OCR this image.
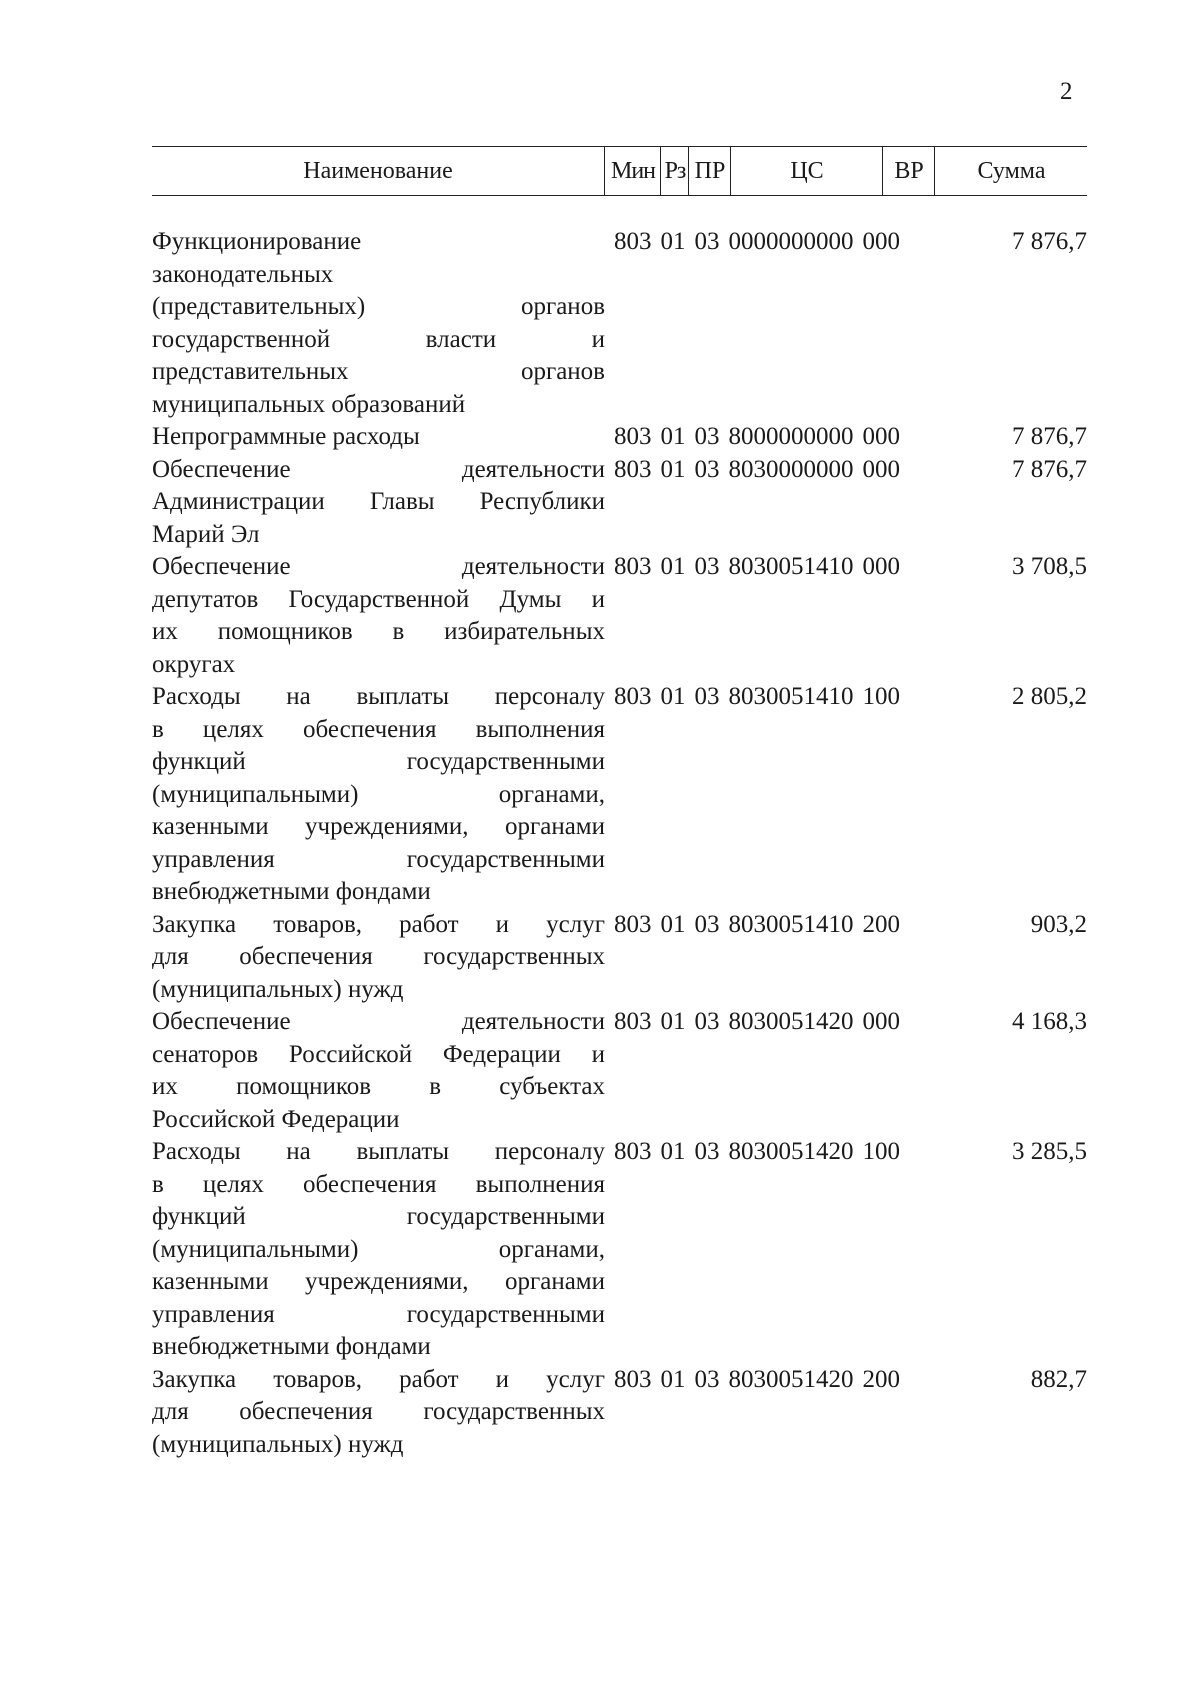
2
Наименование	Мин Рз ПР	ЦС	ВР	Сумма
Функционирование
законодательных
(представительных) органов
государственной власти и
представительных органов
муниципальных образований
803 01 03 0000000000 000	7 876,7
Непрограммные расходы	803 01 03 8000000000 000	7 876,7
Обеспечение деятельности
Администрации Главы Республики
Марий Эл
803 01 03 8030000000 000	7 876,7
Обеспечение деятельности
депутатов Государственной Думы и
их помощников в избирательных
округах
803 01 03 8030051410 000	3 708,5
Расходы на выплаты персоналу
в целях обеспечения выполнения
функций государственными
(муниципальными) органами,
казенными учреждениями, органами
управления государственными
внебюджетными фондами
803 01 03 8030051410 100	2 805,2
Закупка товаров, работ и услуг
для обеспечения государственных
(муниципальных) нужд
803 01 03 8030051410 200	903,2
Обеспечение деятельности
сенаторов Российской Федерации и
их помощников в субъектах
Российской Федерации
803 01 03 8030051420 000	4 168,3
Расходы на выплаты персоналу
в целях обеспечения выполнения
функций государственными
(муниципальными) органами,
казенными учреждениями, органами
управления государственными
внебюджетными фондами
803 01 03 8030051420 100	3 285,5
Закупка товаров, работ и услуг
для обеспечения государственных
(муниципальных) нужд
803 01 03 8030051420 200	882,7
